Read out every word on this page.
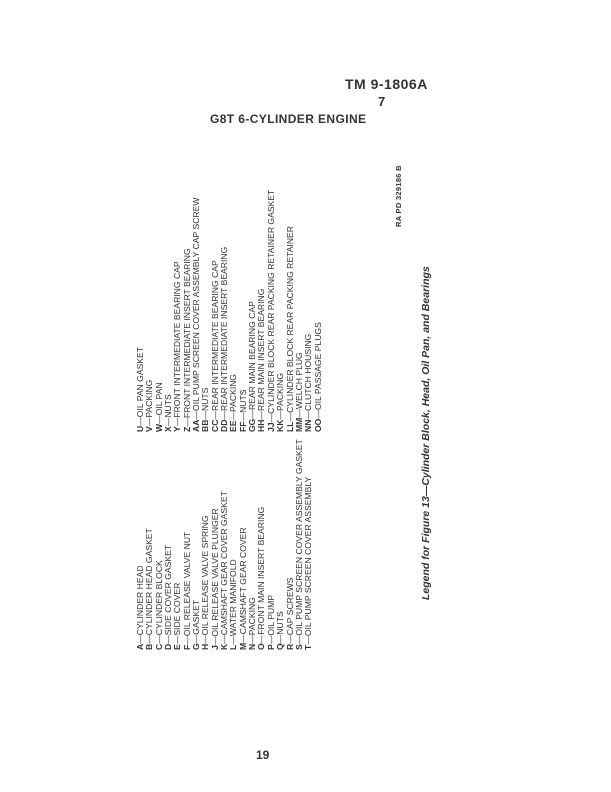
TM 9-1806A
7
G8T 6-CYLINDER ENGINE
A
—
CYLINDER HEAD
B
—
CYLINDER HEAD GASKET
C
—
CYLINDER BLOCK
D
—
SIDE COVER GASKET
E
—
SIDE COVER
F
—
OIL RELEASE VALVE NUT
G
—
GASKET
H
—
OIL RELEASE VALVE SPRING
J
—
OIL RELEASE VALVE PLUNGER
K
—
CAMSHAFT GEAR COVER GASKET
L
—
WATER MANIFOLD
M
—
CAMSHAFT GEAR COVER
N
—
PACKING
O
—
FRONT MAIN INSERT BEARING
P
—
OIL PUMP
Q
—
NUTS
R
—
CAP SCREWS
S
—
OIL PUMP SCREEN COVER ASSEMBLY GASKET
T
—
OIL PUMP SCREEN COVER ASSEMBLY
U
—
OIL PAN GASKET
V
—
PACKING
W
—
OIL PAN
X
—
NUTS
Y
—
FRONT INTERMEDIATE BEARING CAP
Z
—
FRONT INTERMEDIATE INSERT BEARING
AA
—
OIL PUMP SCREEN COVER ASSEMBLY CAP SCREW
BB
—
NUTS
CC
—
REAR INTERMEDIATE BEARING CAP
DD
—
REAR INTERMEDIATE INSERT BEARING
EE
—
PACKING
FF
—
NUTS
GG
—
REAR MAIN BEARING CAP
HH
—
REAR MAIN INSERT BEARING
JJ
—
CYLINDER BLOCK REAR PACKING RETAINER GASKET
KK
—
PACKING
LL
—
CYLINDER BLOCK REAR PACKING RETAINER
MM
—
WELCH PLUG
NN
—
CLUTCH HOUSING
OO
—
OIL PASSAGE PLUGS
RA PD 329186 B
Legend for Figure 13—Cylinder Block, Head, Oil Pan, and Bearings
19
